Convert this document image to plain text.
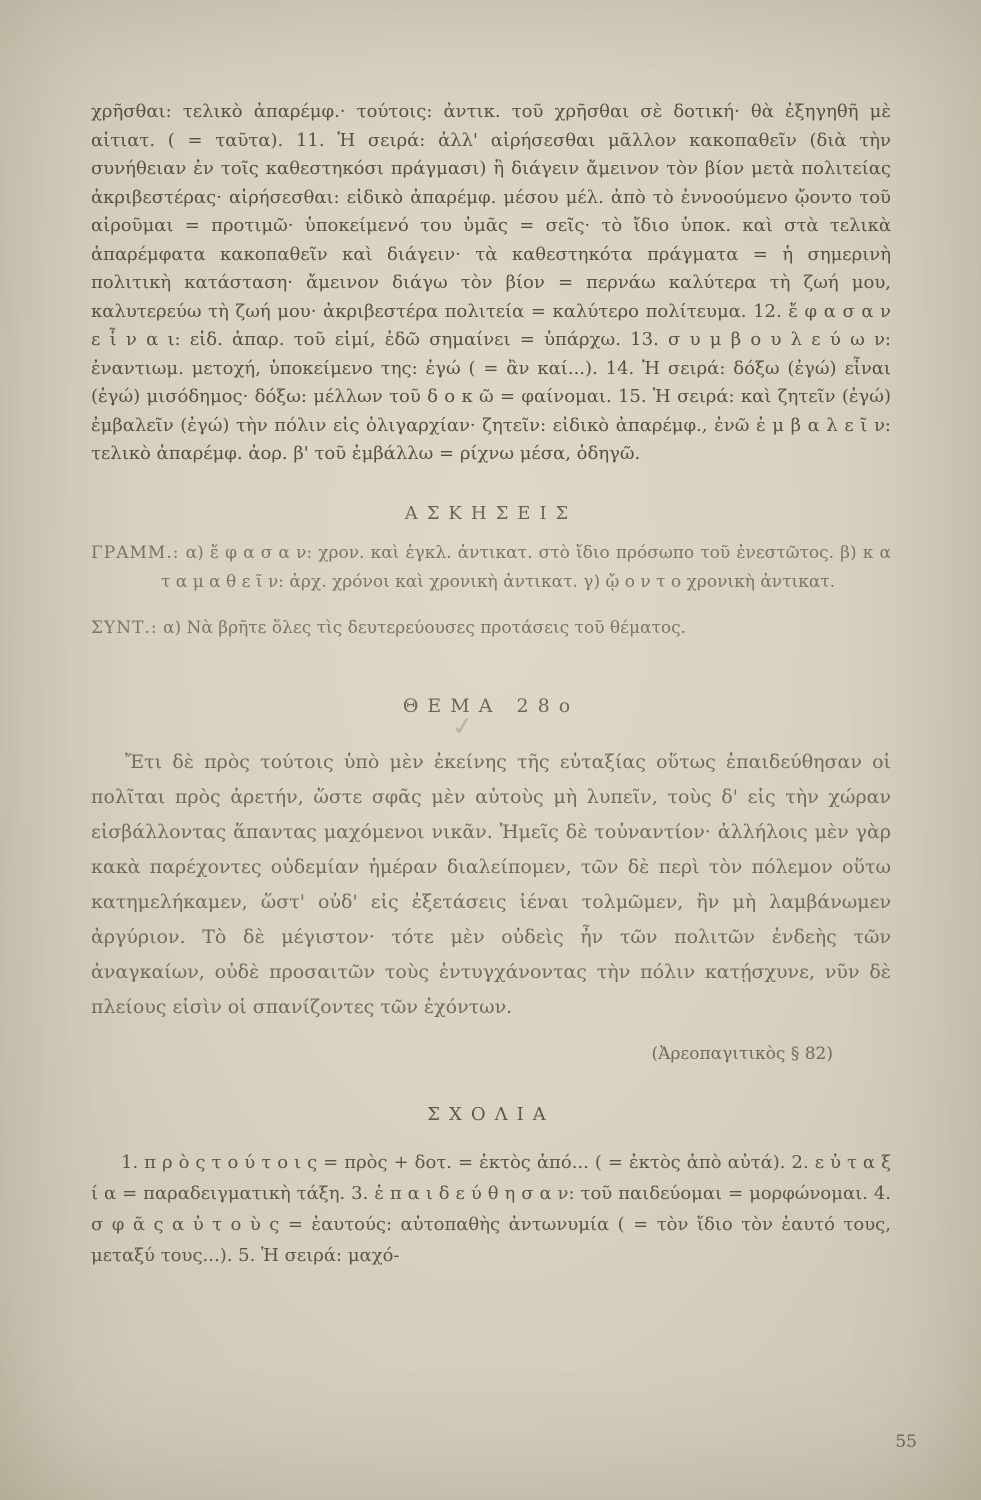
✓

χρῆσθαι: τελικὸ ἀπαρέμφ.· τούτοις: ἀντικ. τοῦ χρῆσθαι σὲ δοτική· θὰ ἐξηγηθῆ μὲ αἰτιατ. ( = ταῦτα). 11. Ἡ σειρά: ἀλλ' αἱρήσεσθαι μᾶλλον κακοπαθεῖν (διὰ τὴν συνήθειαν ἐν τοῖς καθεστηκόσι πράγμασι) ἢ διάγειν ἄμεινον τὸν βίον μετὰ πολιτείας ἀκριβεστέρας· αἱρήσεσθαι: εἰδικὸ ἀπαρέμφ. μέσου μέλ. ἀπὸ τὸ ἐννοούμενο ᾤοντο τοῦ αἱροῦμαι = προτιμῶ· ὑποκείμενό του ὑμᾶς = σεῖς· τὸ ἴδιο ὑποκ. καὶ στὰ τελικὰ ἀπαρέμφατα κακοπαθεῖν καὶ διάγειν· τὰ καθεστηκότα πράγματα = ἡ σημερινὴ πολιτικὴ κατάσταση· ἄμεινον διάγω τὸν βίον = περνάω καλύτερα τὴ ζωή μου, καλυτερεύω τὴ ζωή μου· ἀκριβεστέρα πολιτεία = καλύτερο πολίτευμα. 12. ἔ φ α σ α ν ε ἶ ν α ι: εἰδ. ἀπαρ. τοῦ εἰμί, ἐδῶ σημαίνει = ὑπάρχω. 13. σ υ μ β ο υ λ ε ύ ω ν: ἐναντιωμ. μετοχή, ὑποκείμενο της: ἐγώ ( = ἂν καί...). 14. Ἡ σειρά: δόξω (ἐγώ) εἶναι (ἐγώ) μισόδημος· δόξω: μέλλων τοῦ δ ο κ ῶ = φαίνομαι. 15. Ἡ σειρά: καὶ ζητεῖν (ἐγώ) ἐμβαλεῖν (ἐγώ) τὴν πόλιν εἰς ὀλιγαρχίαν· ζητεῖν: εἰδικὸ ἀπαρέμφ., ἐνῶ ἐ μ β α λ ε ῖ ν: τελικὸ ἀπαρέμφ. ἀορ. β' τοῦ ἐμβάλλω = ρίχνω μέσα, ὁδηγῶ.

ΑΣΚΗΣΕΙΣ

ΓΡΑΜΜ.: α) ἔ φ α σ α ν: χρον. καὶ ἐγκλ. ἀντικατ. στὸ ἴδιο πρόσωπο τοῦ ἐνεστῶτος. β) κ α τ α μ α θ ε ῖ ν: ἀρχ. χρόνοι καὶ χρονικὴ ἀντικατ. γ) ᾤ ο ν τ ο χρονικὴ ἀντικατ.

ΣΥΝΤ.: α) Νὰ βρῆτε ὅλες τὶς δευτερεύουσες προτάσεις τοῦ θέματος.

ΘΕΜΑ 28ο

Ἔτι δὲ πρὸς τούτοις ὑπὸ μὲν ἐκείνης τῆς εὐταξίας οὕτως ἐπαιδεύθησαν οἱ πολῖται πρὸς ἀρετήν, ὥστε σφᾶς μὲν αὐτοὺς μὴ λυπεῖν, τοὺς δ' εἰς τὴν χώραν εἰσβάλλοντας ἅπαντας μαχόμενοι νικᾶν. Ἡμεῖς δὲ τοὐναντίον· ἀλλήλοις μὲν γὰρ κακὰ παρέχοντες οὐδεμίαν ἡμέραν διαλείπομεν, τῶν δὲ περὶ τὸν πόλεμον οὕτω κατημελήκαμεν, ὥστ' οὐδ' εἰς ἐξετάσεις ἰέναι τολμῶμεν, ἢν μὴ λαμβάνωμεν ἀργύριον. Τὸ δὲ μέγιστον· τότε μὲν οὐδεὶς ἦν τῶν πολιτῶν ἐνδεὴς τῶν ἀναγκαίων, οὐδὲ προσαιτῶν τοὺς ἐντυγχάνοντας τὴν πόλιν κατῄσχυνε, νῦν δὲ πλείους εἰσὶν οἱ σπανίζοντες τῶν ἐχόντων.

(Ἀρεοπαγιτικὸς § 82)

ΣΧΟΛΙΑ

1. π ρ ὸ ς τ ο ύ τ ο ι ς = πρὸς + δοτ. = ἐκτὸς ἀπό... ( = ἐκτὸς ἀπὸ αὐτά). 2. ε ὐ τ α ξ ί α = παραδειγματικὴ τάξη. 3. ἐ π α ι δ ε ύ θ η σ α ν: τοῦ παιδεύομαι = μορφώνομαι. 4. σ φ ᾶ ς α ὐ τ ο ὺ ς = ἑαυτούς: αὐτοπαθὴς ἀντωνυμία ( = τὸν ἴδιο τὸν ἑαυτό τους, μεταξύ τους...). 5. Ἡ σειρά: μαχό-

55
